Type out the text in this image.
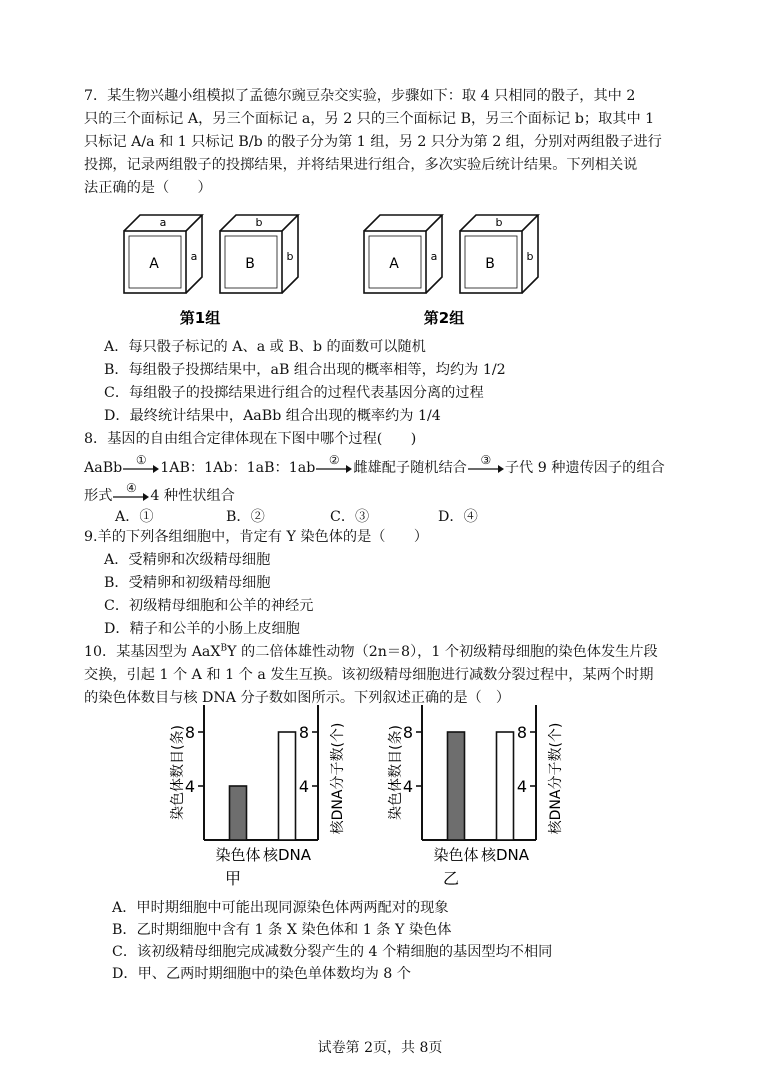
7．某生物兴趣小组模拟了孟德尔豌豆杂交实验，步骤如下：取 4 只相同的骰子，其中 2
只的三个面标记 A，另三个面标记 a，另 2 只的三个面标记 B，另三个面标记 b；取其中 1
只标记 A/a 和 1 只标记 B/b 的骰子分为第 1 组，另 2 只分为第 2 组，分别对两组骰子进行
投掷，记录两组骰子的投掷结果，并将结果进行组合，多次实验后统计结果。下列相关说
法正确的是（　　）
A	a
a
B	b
b
A	a	B	b
b
第1组	第2组
A．每只骰子标记的 A、a 或 B、b 的面数可以随机
B．每组骰子投掷结果中，aB 组合出现的概率相等，均约为 1/2
C．每组骰子的投掷结果进行组合的过程代表基因分离的过程
D．最终统计结果中，AaBb 组合出现的概率约为 1/4
8．基因的自由组合定律体现在下图中哪个过程(　　)
AaBb	① 1AB：1Ab：1aB：1ab	② 雌雄配子随机结合	③ 子代 9 种遗传因子的组合
形式	④ 4 种性状组合
A．①	B．②	C．③	D．④
9.羊的下列各组细胞中，肯定有 Y 染色体的是（　　）
A．受精卵和次级精母细胞
B．受精卵和初级精母细胞
C．初级精母细胞和公羊的神经元
D．精子和公羊的小肠上皮细胞
10．某基因型为 AaX$^B$Y 的二倍体雄性动物（2n＝8），1 个初级精母细胞的染色体发生片段
交换，引起 1 个 A 和 1 个 a 发生互换。该初级精母细胞进行减数分裂过程中，某两个时期
的染色体数目与核 DNA 分子数如图所示。下列叙述正确的是（　）
4	4
8	8
染色体 核DNA
染色体数目(条)	核DNA分子数(个)
甲
4	4
8	8
染色体 核DNA
染色体数目(条)	核DNA分子数(个)
乙
A．甲时期细胞中可能出现同源染色体两两配对的现象
B．乙时期细胞中含有 1 条 X 染色体和 1 条 Y 染色体
C．该初级精母细胞完成减数分裂产生的 4 个精细胞的基因型均不相同
D．甲、乙两时期细胞中的染色单体数均为 8 个
试卷第 2页，共 8页
